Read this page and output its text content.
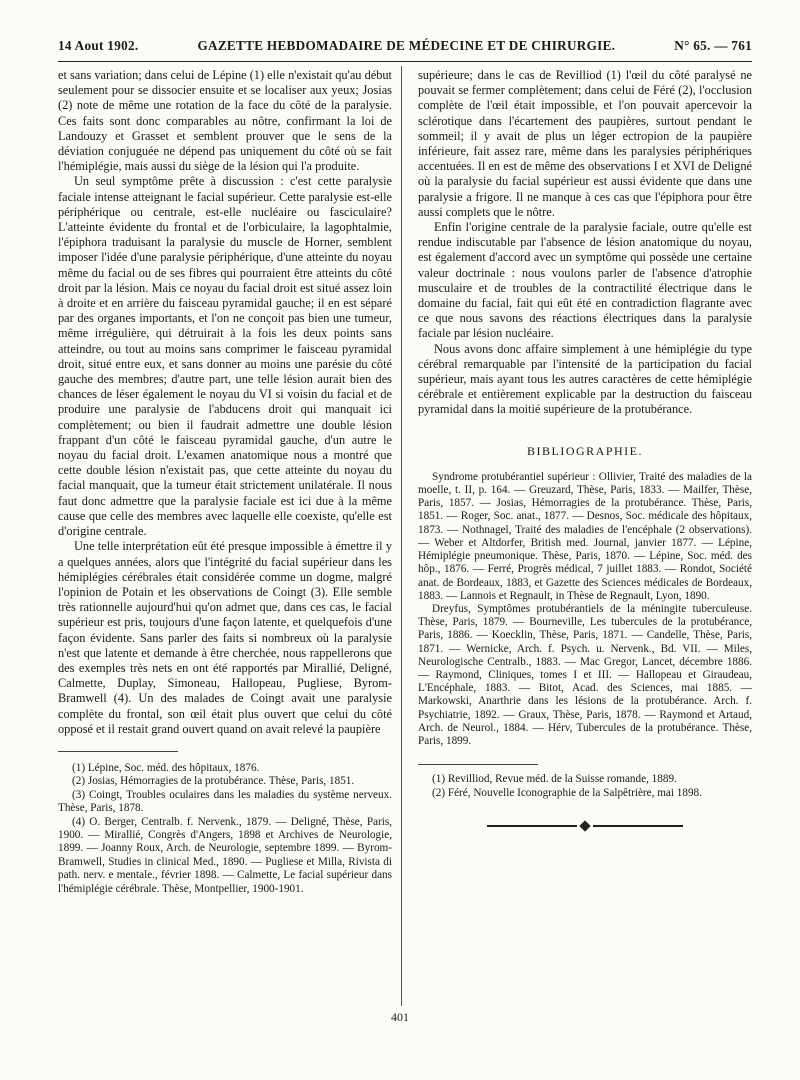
14 Aout 1902.	GAZETTE HEBDOMADAIRE DE MÉDECINE ET DE CHIRURGIE.	N° 65. — 761

et sans variation; dans celui de Lépine (1) elle n'existait qu'au début seulement pour se dissocier ensuite et se localiser aux yeux; Josias (2) note de même une rotation de la face du côté de la paralysie. Ces faits sont donc comparables au nôtre, confirmant la loi de Landouzy et Grasset et semblent prouver que le sens de la déviation conjuguée ne dépend pas uniquement du côté où se fait l'hémiplégie, mais aussi du siège de la lésion qui l'a produite.

Un seul symptôme prête à discussion : c'est cette paralysie faciale intense atteignant le facial supérieur. Cette paralysie est-elle périphérique ou centrale, est-elle nucléaire ou fasciculaire? L'atteinte évidente du frontal et de l'orbiculaire, la lagophtalmie, l'épiphora traduisant la paralysie du muscle de Horner, semblent imposer l'idée d'une paralysie périphérique, d'une atteinte du noyau même du facial ou de ses fibres qui pourraient être atteints du côté droit par la lésion. Mais ce noyau du facial droit est situé assez loin à droite et en arrière du faisceau pyramidal gauche; il en est séparé par des organes importants, et l'on ne conçoit pas bien une tumeur, même irrégulière, qui détruirait à la fois les deux points sans atteindre, ou tout au moins sans comprimer le faisceau pyramidal droit, situé entre eux, et sans donner au moins une parésie du côté gauche des membres; d'autre part, une telle lésion aurait bien des chances de léser également le noyau du VI si voisin du facial et de produire une paralysie de l'abducens droit qui manquait ici complètement; ou bien il faudrait admettre une double lésion frappant d'un côté le faisceau pyramidal gauche, d'un autre le noyau du facial droit. L'examen anatomique nous a montré que cette double lésion n'existait pas, que cette atteinte du noyau du facial manquait, que la tumeur était strictement unilatérale. Il nous faut donc admettre que la paralysie faciale est ici due à la même cause que celle des membres avec laquelle elle coexiste, qu'elle est d'origine centrale.

Une telle interprétation eût été presque impossible à émettre il y a quelques années, alors que l'intégrité du facial supérieur dans les hémiplégies cérébrales était considérée comme un dogme, malgré l'opinion de Potain et les observations de Coingt (3). Elle semble très rationnelle aujourd'hui qu'on admet que, dans ces cas, le facial supérieur est pris, toujours d'une façon latente, et quelquefois d'une façon évidente. Sans parler des faits si nombreux où la paralysie n'est que latente et demande à être cherchée, nous rappellerons que des exemples très nets en ont été rapportés par Mirallié, Deligné, Calmette, Duplay, Simoneau, Hallopeau, Pugliese, Byrom-Bramwell (4). Un des malades de Coingt avait une paralysie complète du frontal, son œil était plus ouvert que celui du côté opposé et il restait grand ouvert quand on avait relevé la paupière

(1) Lépine, Soc. méd. des hôpitaux, 1876.

(2) Josias, Hémorragies de la protubérance. Thèse, Paris, 1851.

(3) Coingt, Troubles oculaires dans les maladies du système nerveux. Thèse, Paris, 1878.

(4) O. Berger, Centralb. f. Nervenk., 1879. — Deligné, Thèse, Paris, 1900. — Mirallié, Congrès d'Angers, 1898 et Archives de Neurologie, 1899. — Joanny Roux, Arch. de Neurologie, septembre 1899. — Byrom-Bramwell, Studies in clinical Med., 1890. — Pugliese et Milla, Rivista di path. nerv. e mentale., février 1898. — Calmette, Le facial supérieur dans l'hémiplégie cérébrale. Thèse, Montpellier, 1900-1901.

supérieure; dans le cas de Revilliod (1) l'œil du côté paralysé ne pouvait se fermer complètement; dans celui de Féré (2), l'occlusion complète de l'œil était impossible, et l'on pouvait apercevoir la sclérotique dans l'écartement des paupières, surtout pendant le sommeil; il y avait de plus un léger ectropion de la paupière inférieure, fait assez rare, même dans les paralysies périphériques accentuées. Il en est de même des observations I et XVI de Deligné où la paralysie du facial supérieur est aussi évidente que dans une paralysie a frigore. Il ne manque à ces cas que l'épiphora pour être aussi complets que le nôtre.

Enfin l'origine centrale de la paralysie faciale, outre qu'elle est rendue indiscutable par l'absence de lésion anatomique du noyau, est également d'accord avec un symptôme qui possède une certaine valeur doctrinale : nous voulons parler de l'absence d'atrophie musculaire et de troubles de la contractilité électrique dans le domaine du facial, fait qui eût été en contradiction flagrante avec ce que nous savons des réactions électriques dans la paralysie faciale par lésion nucléaire.

Nous avons donc affaire simplement à une hémiplégie du type cérébral remarquable par l'intensité de la participation du facial supérieur, mais ayant tous les autres caractères de cette hémiplégie cérébrale et entièrement explicable par la destruction du faisceau pyramidal dans la moitié supérieure de la protubérance.

BIBLIOGRAPHIE.

Syndrome protubérantiel supérieur : Ollivier, Traité des maladies de la moelle, t. II, p. 164. — Greuzard, Thèse, Paris, 1833. — Mailfer, Thèse, Paris, 1857. — Josias, Hémorragies de la protubérance. Thèse, Paris, 1851. — Roger, Soc. anat., 1877. — Desnos, Soc. médicale des hôpitaux, 1873. — Nothnagel, Traité des maladies de l'encéphale (2 observations). — Weber et Altdorfer, British med. Journal, janvier 1877. — Lépine, Hémiplégie pneumonique. Thèse, Paris, 1870. — Lépine, Soc. méd. des hôp., 1876. — Ferré, Progrès médical, 7 juillet 1883. — Rondot, Société anat. de Bordeaux, 1883, et Gazette des Sciences médicales de Bordeaux, 1883. — Lannois et Regnault, in Thèse de Regnault, Lyon, 1890.

Dreyfus, Symptômes protubérantiels de la méningite tuberculeuse. Thèse, Paris, 1879. — Bourneville, Les tubercules de la protubérance, Paris, 1886. — Koecklin, Thèse, Paris, 1871. — Candelle, Thèse, Paris, 1871. — Wernicke, Arch. f. Psych. u. Nervenk., Bd. VII. — Miles, Neurologische Centralb., 1883. — Mac Gregor, Lancet, décembre 1886. — Raymond, Cliniques, tomes I et III. — Hallopeau et Giraudeau, L'Encéphale, 1883. — Bitot, Acad. des Sciences, mai 1885. — Markowski, Anarthrie dans les lésions de la protubérance. Arch. f. Psychiatrie, 1892. — Graux, Thèse, Paris, 1878. — Raymond et Artaud, Arch. de Neurol., 1884. — Hérv, Tubercules de la protubérance. Thèse, Paris, 1899.

(1) Revilliod, Revue méd. de la Suisse romande, 1889.

(2) Féré, Nouvelle Iconographie de la Salpêtrière, mai 1898.

401
